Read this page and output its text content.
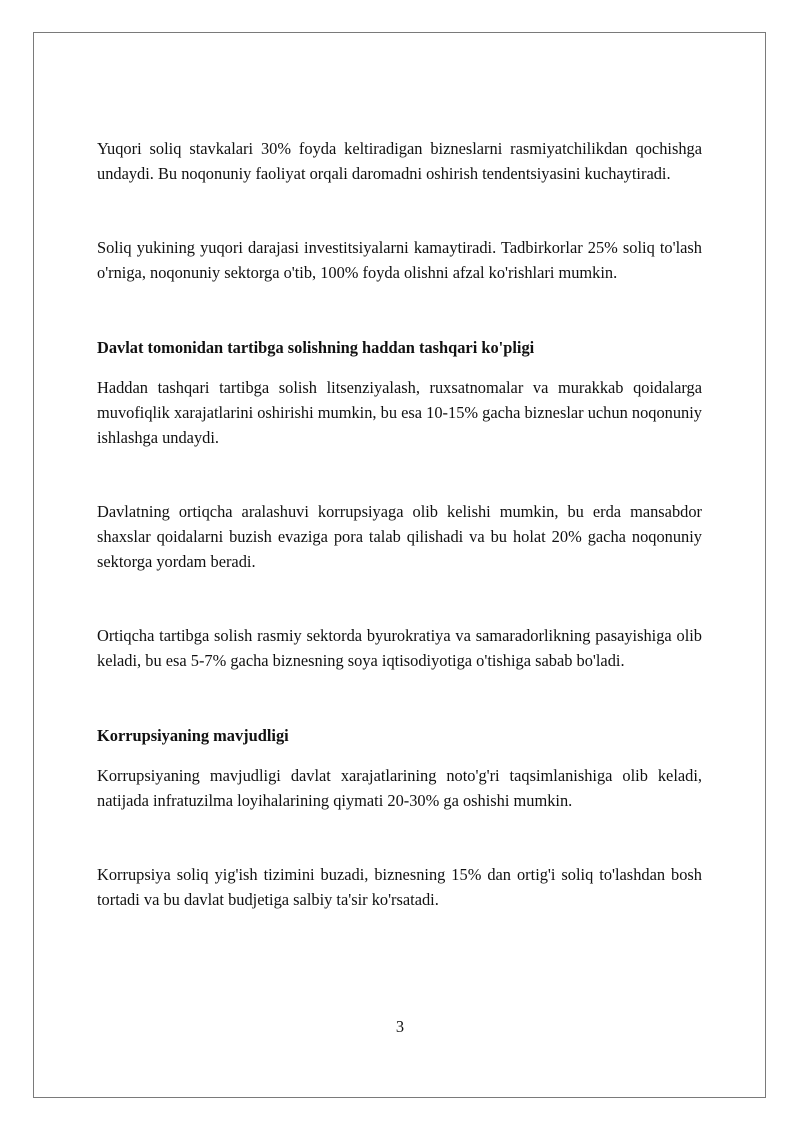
Yuqori soliq stavkalari 30% foyda keltiradigan bizneslarni rasmiyatchilikdan qochishga undaydi. Bu noqonuniy faoliyat orqali daromadni oshirish tendentsiyasini kuchaytiradi.

Soliq yukining yuqori darajasi investitsiyalarni kamaytiradi. Tadbirkorlar 25% soliq to'lash o'rniga, noqonuniy sektorga o'tib, 100% foyda olishni afzal ko'rishlari mumkin.

Davlat tomonidan tartibga solishning haddan tashqari ko'pligi

Haddan tashqari tartibga solish litsenziyalash, ruxsatnomalar va murakkab qoidalarga muvofiqlik xarajatlarini oshirishi mumkin, bu esa 10-15% gacha bizneslar uchun noqonuniy ishlashga undaydi.

Davlatning ortiqcha aralashuvi korrupsiyaga olib kelishi mumkin, bu erda mansabdor shaxslar qoidalarni buzish evaziga pora talab qilishadi va bu holat 20% gacha noqonuniy sektorga yordam beradi.

Ortiqcha tartibga solish rasmiy sektorda byurokratiya va samaradorlikning pasayishiga olib keladi, bu esa 5-7% gacha biznesning soya iqtisodiyotiga o'tishiga sabab bo'ladi.

Korrupsiyaning mavjudligi

Korrupsiyaning mavjudligi davlat xarajatlarining noto'g'ri taqsimlanishiga olib keladi, natijada infratuzilma loyihalarining qiymati 20-30% ga oshishi mumkin.

Korrupsiya soliq yig'ish tizimini buzadi, biznesning 15% dan ortig'i soliq to'lashdan bosh tortadi va bu davlat budjetiga salbiy ta'sir ko'rsatadi.

3
